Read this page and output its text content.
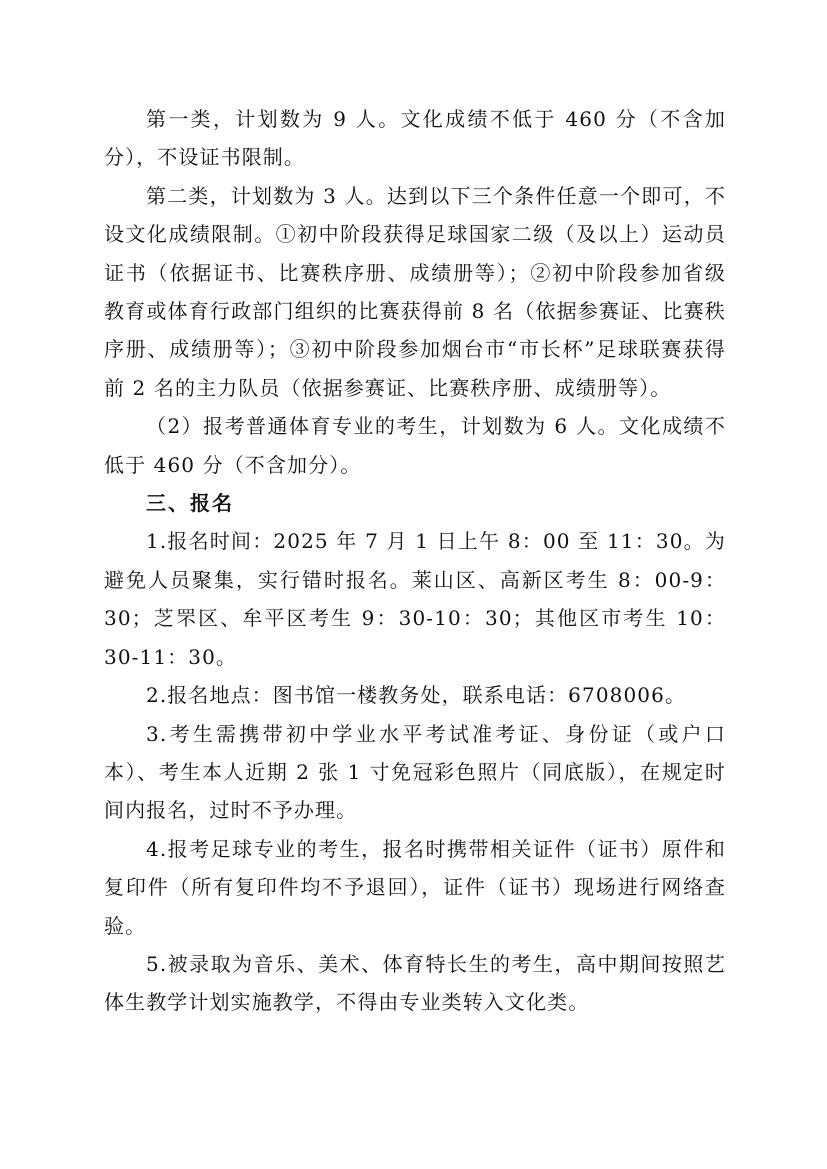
第一类，计划数为 9 人。文化成绩不低于 460 分（不含加分），不设证书限制。

第二类，计划数为 3 人。达到以下三个条件任意一个即可，不设文化成绩限制。①初中阶段获得足球国家二级（及以上）运动员证书（依据证书、比赛秩序册、成绩册等）；②初中阶段参加省级教育或体育行政部门组织的比赛获得前 8 名（依据参赛证、比赛秩序册、成绩册等）；③初中阶段参加烟台市“市长杯”足球联赛获得前 2 名的主力队员（依据参赛证、比赛秩序册、成绩册等）。

（2）报考普通体育专业的考生，计划数为 6 人。文化成绩不低于 460 分（不含加分）。

三、报名

1.报名时间：2025 年 7 月 1 日上午 8：00 至 11：30。为避免人员聚集，实行错时报名。莱山区、高新区考生 8：00-9：30；芝罘区、牟平区考生 9：30-10：30；其他区市考生 10：30-11：30。

2.报名地点：图书馆一楼教务处，联系电话：6708006。

3.考生需携带初中学业水平考试准考证、身份证（或户口本）、考生本人近期 2 张 1 寸免冠彩色照片（同底版），在规定时间内报名，过时不予办理。

4.报考足球专业的考生，报名时携带相关证件（证书）原件和复印件（所有复印件均不予退回），证件（证书）现场进行网络查验。

5.被录取为音乐、美术、体育特长生的考生，高中期间按照艺体生教学计划实施教学，不得由专业类转入文化类。
